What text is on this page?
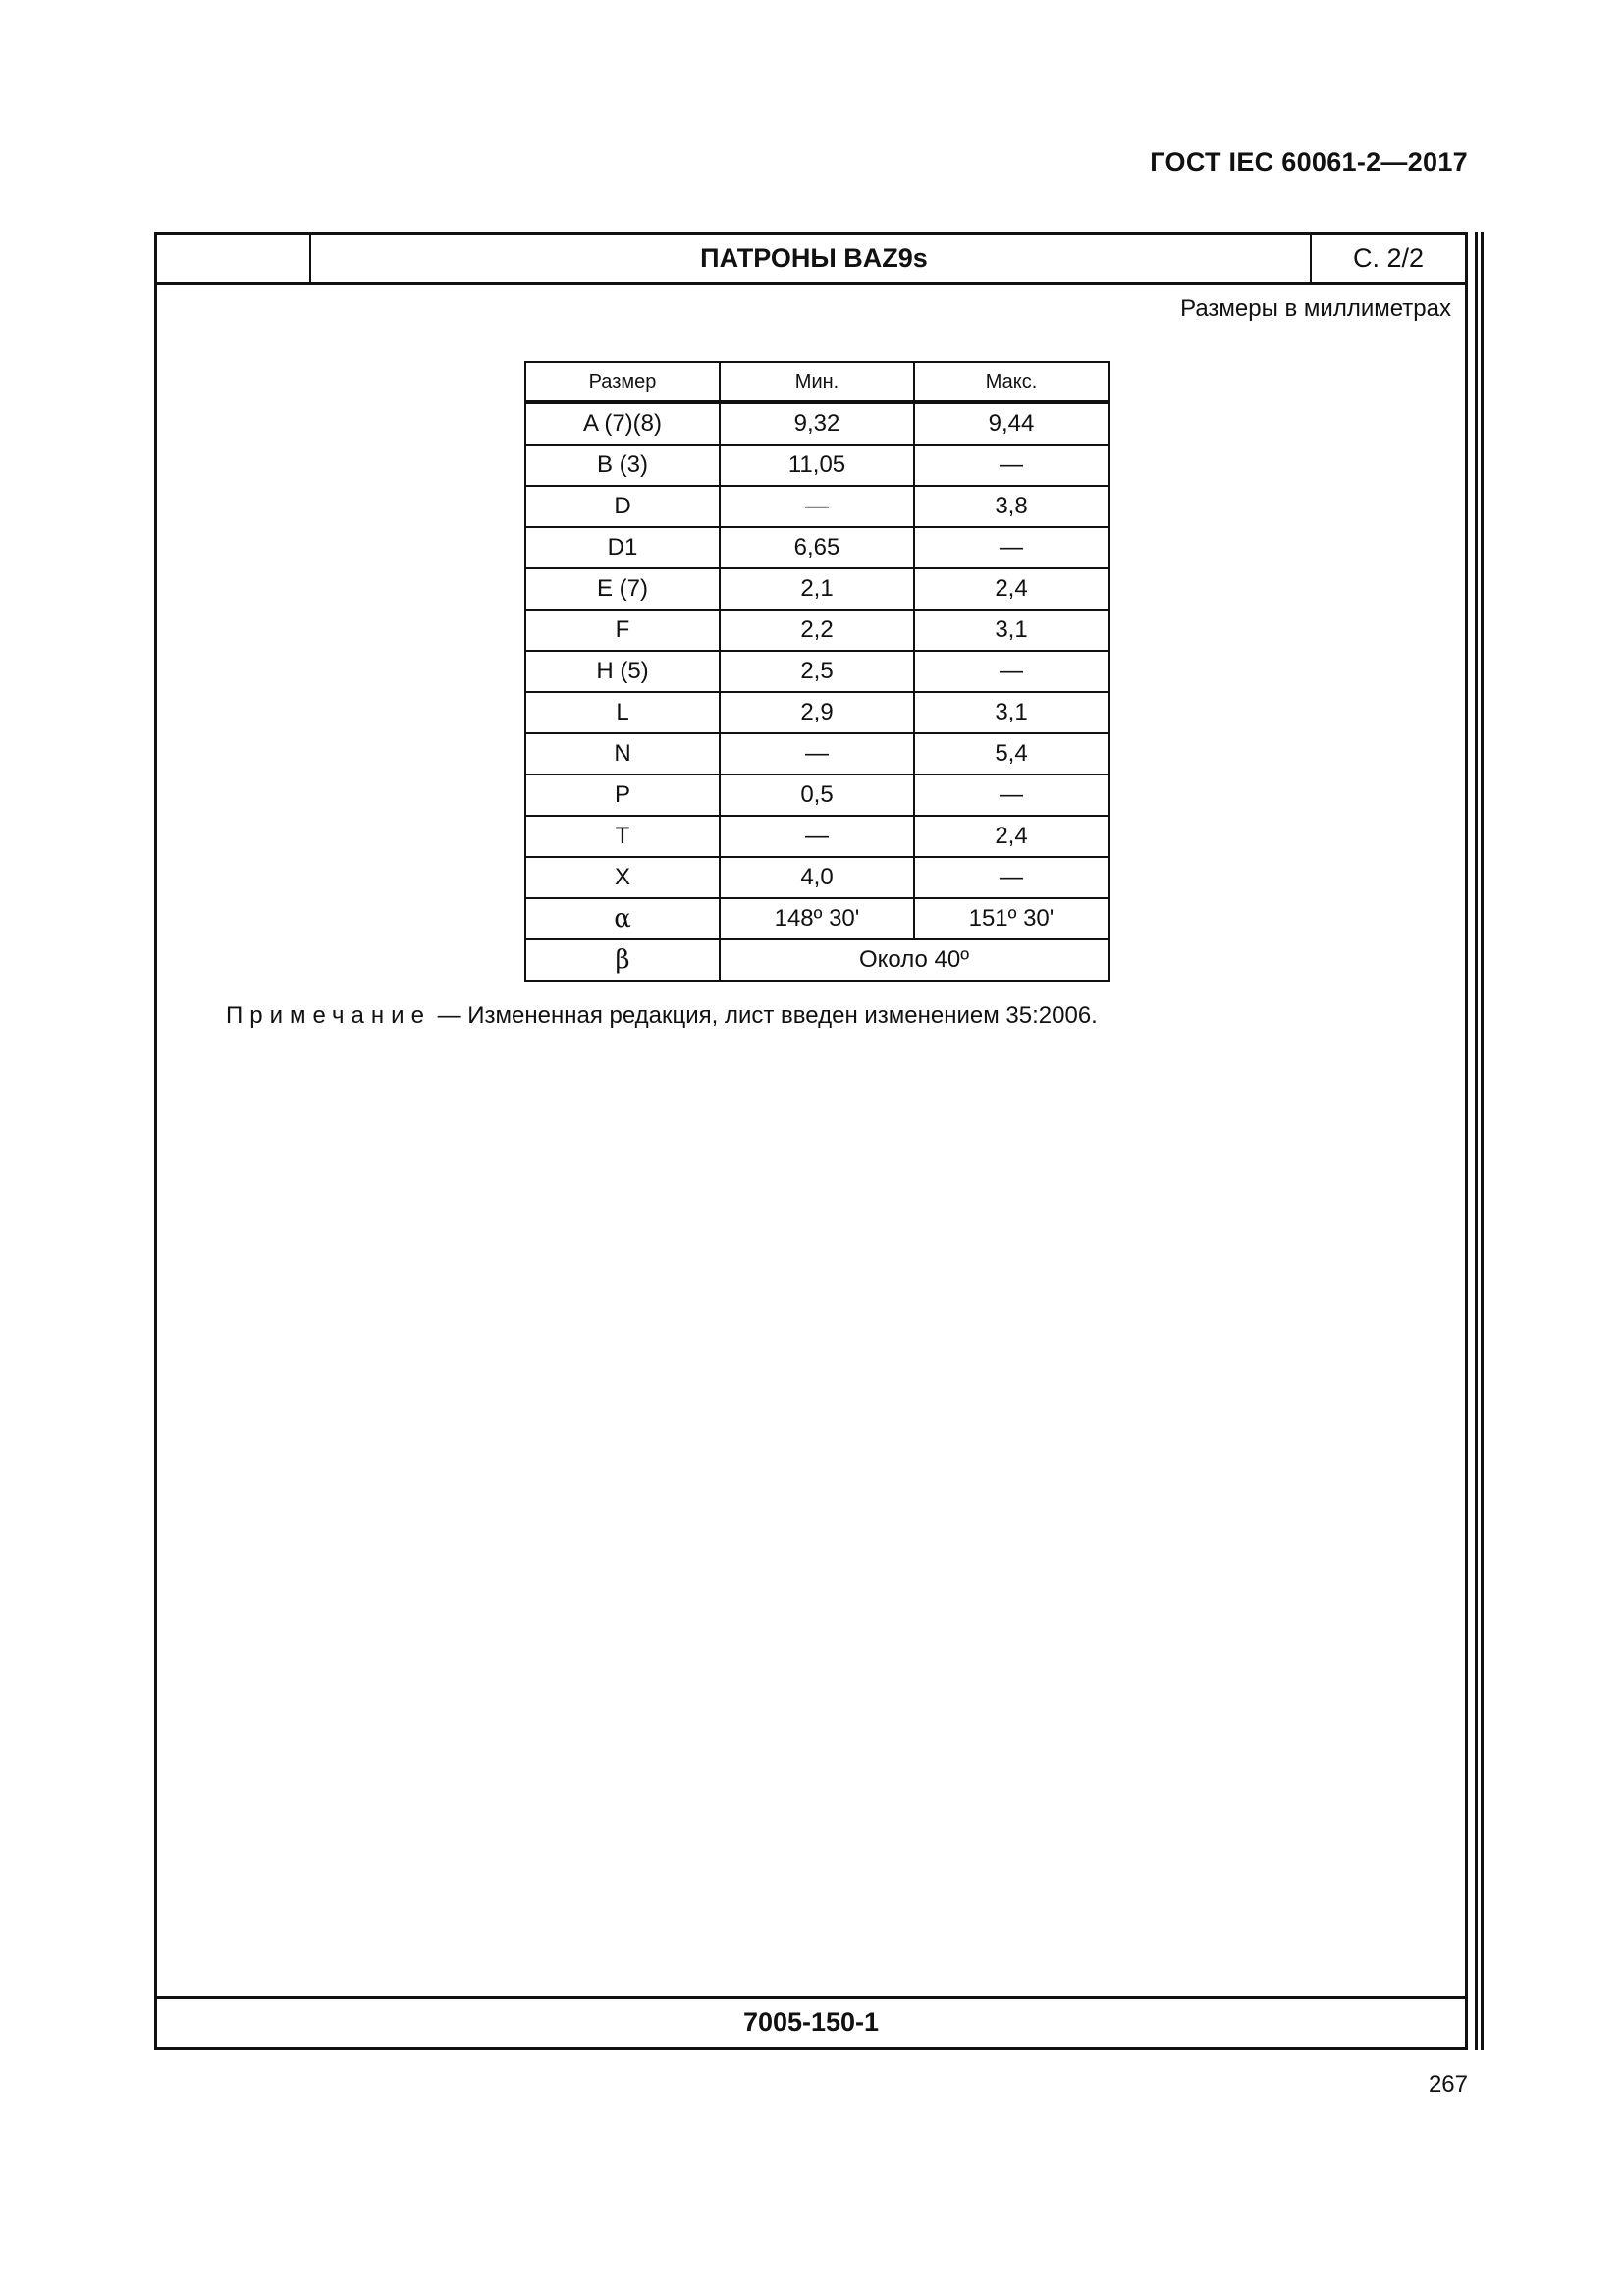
ГОСТ IEC 60061-2—2017
ПАТРОНЫ BAZ9s	С. 2/2
Размеры в миллиметрах
Размер	Мин.	Макс.
A (7)(8)	9,32	9,44
B (3)	11,05	—
D	—	3,8
D1	6,65	—
E (7)	2,1	2,4
F	2,2	3,1
H (5)	2,5	—
L	2,9	3,1
N	—	5,4
P	0,5	—
T	—	2,4
X	4,0	—
α	148º 30'	151º 30'
β	Около 40º	
Примечание — Измененная редакция, лист введен изменением 35:2006.
7005-150-1
267
